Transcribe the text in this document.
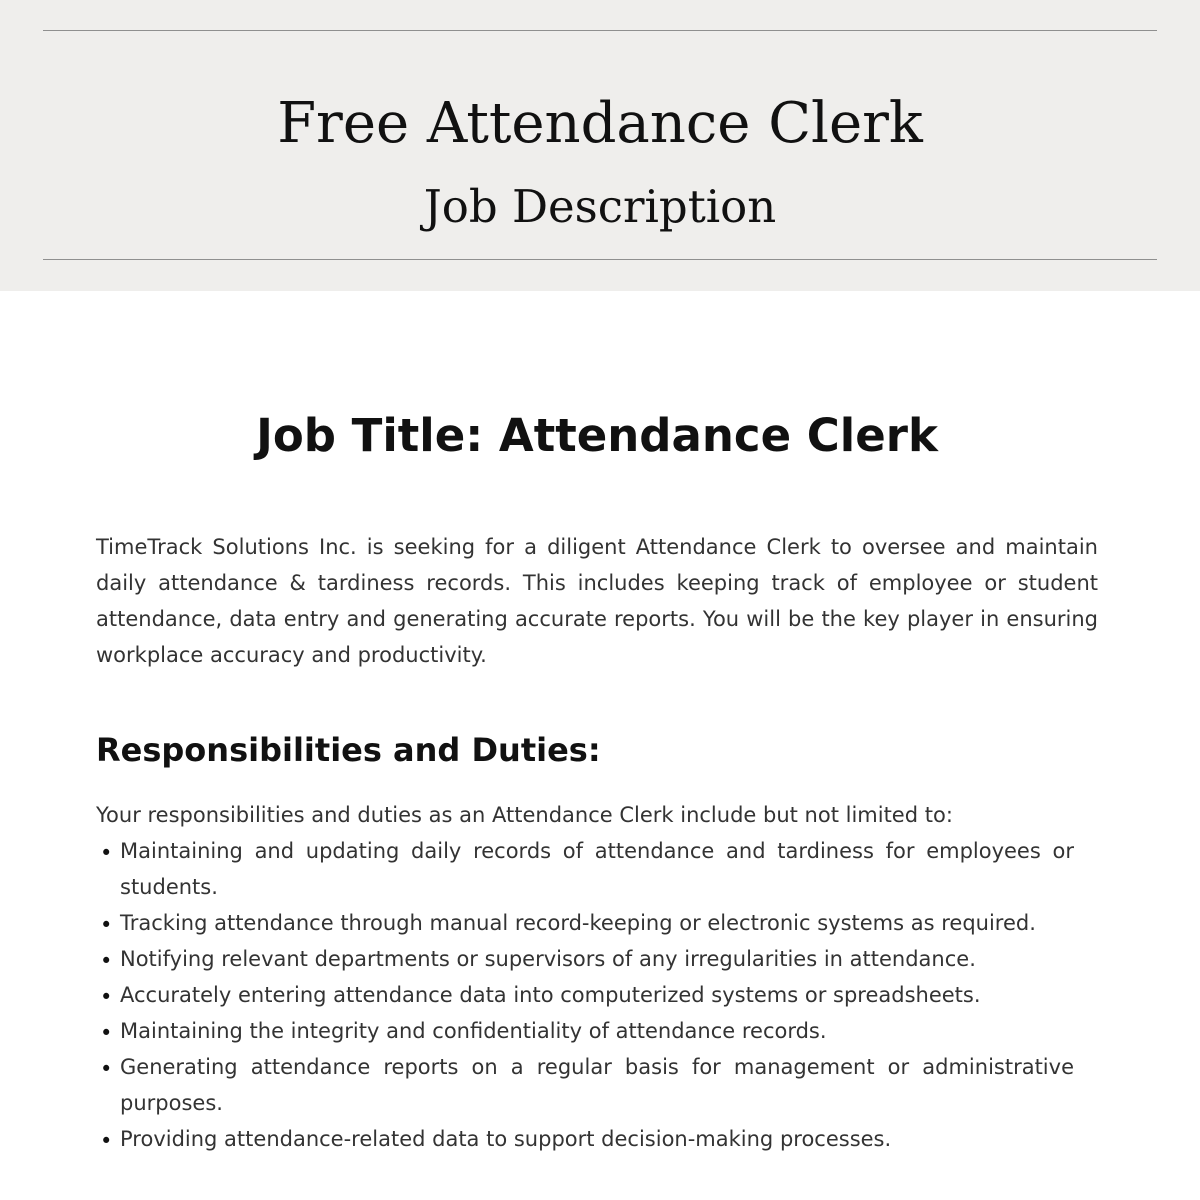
Free Attendance Clerk
Job Description
Job Title: Attendance Clerk

TimeTrack Solutions Inc. is seeking for a diligent Attendance Clerk to oversee and maintain daily attendance & tardiness records. This includes keeping track of employee or student attendance, data entry and generating accurate reports. You will be the key player in ensuring workplace accuracy and productivity.

Responsibilities and Duties:

Your responsibilities and duties as an Attendance Clerk include but not limited to:

• Maintaining and updating daily records of attendance and tardiness for employees or students.
• Tracking attendance through manual record-keeping or electronic systems as required.
• Notifying relevant departments or supervisors of any irregularities in attendance.
• Accurately entering attendance data into computerized systems or spreadsheets.
• Maintaining the integrity and confidentiality of attendance records.
• Generating attendance reports on a regular basis for management or administrative purposes.
• Providing attendance-related data to support decision-making processes.
